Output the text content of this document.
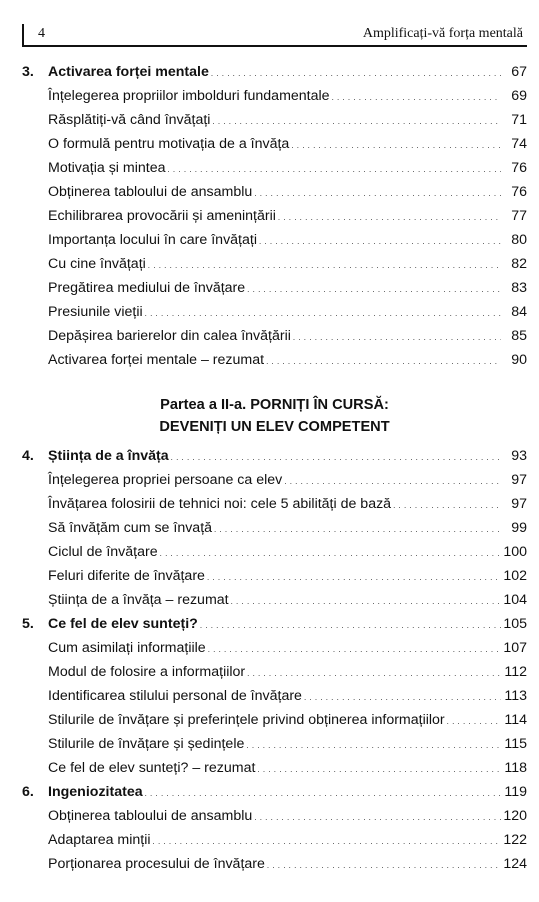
4	Amplificați-vă forța mentală
3. Activarea forței mentale . . .	67
Înțelegerea propriilor imbolduri fundamentale . . .	69
Răsplătiți-vă când învățați . . .	71
O formulă pentru motivația de a învăța . . .	74
Motivația și mintea . . .	76
Obținerea tabloului de ansamblu . . .	76
Echilibrarea provocării și amenințării . . .	77
Importanța locului în care învățați . . .	80
Cu cine învățați . . .	82
Pregătirea mediului de învățare . . .	83
Presiunile vieții . . .	84
Depășirea barierelor din calea învățării . . .	85
Activarea forței mentale – rezumat . . .	90
Partea a II-a. PORNIȚI ÎN CURSĂ:
DEVENIȚI UN ELEV COMPETENT
4. Știința de a învăța . . .	93
Înțelegerea propriei persoane ca elev . . .	97
Învățarea folosirii de tehnici noi: cele 5 abilități de bază . . .	97
Să învățăm cum se învață . . .	99
Ciclul de învățare . . .	100
Feluri diferite de învățare . . .	102
Știința de a învăța – rezumat . . .	104
5. Ce fel de elev sunteți? . . .	105
Cum asimilați informațiile . . .	107
Modul de folosire a informațiilor . . .	112
Identificarea stilului personal de învățare . . .	113
Stilurile de învățare și preferințele privind obținerea informațiilor . . .	114
Stilurile de învățare și ședințele . . .	115
Ce fel de elev sunteți? – rezumat . . .	118
6. Ingeniozitatea . . .	119
Obținerea tabloului de ansamblu . . .	120
Adaptarea minții . . .	122
Porționarea procesului de învățare . . .	124
